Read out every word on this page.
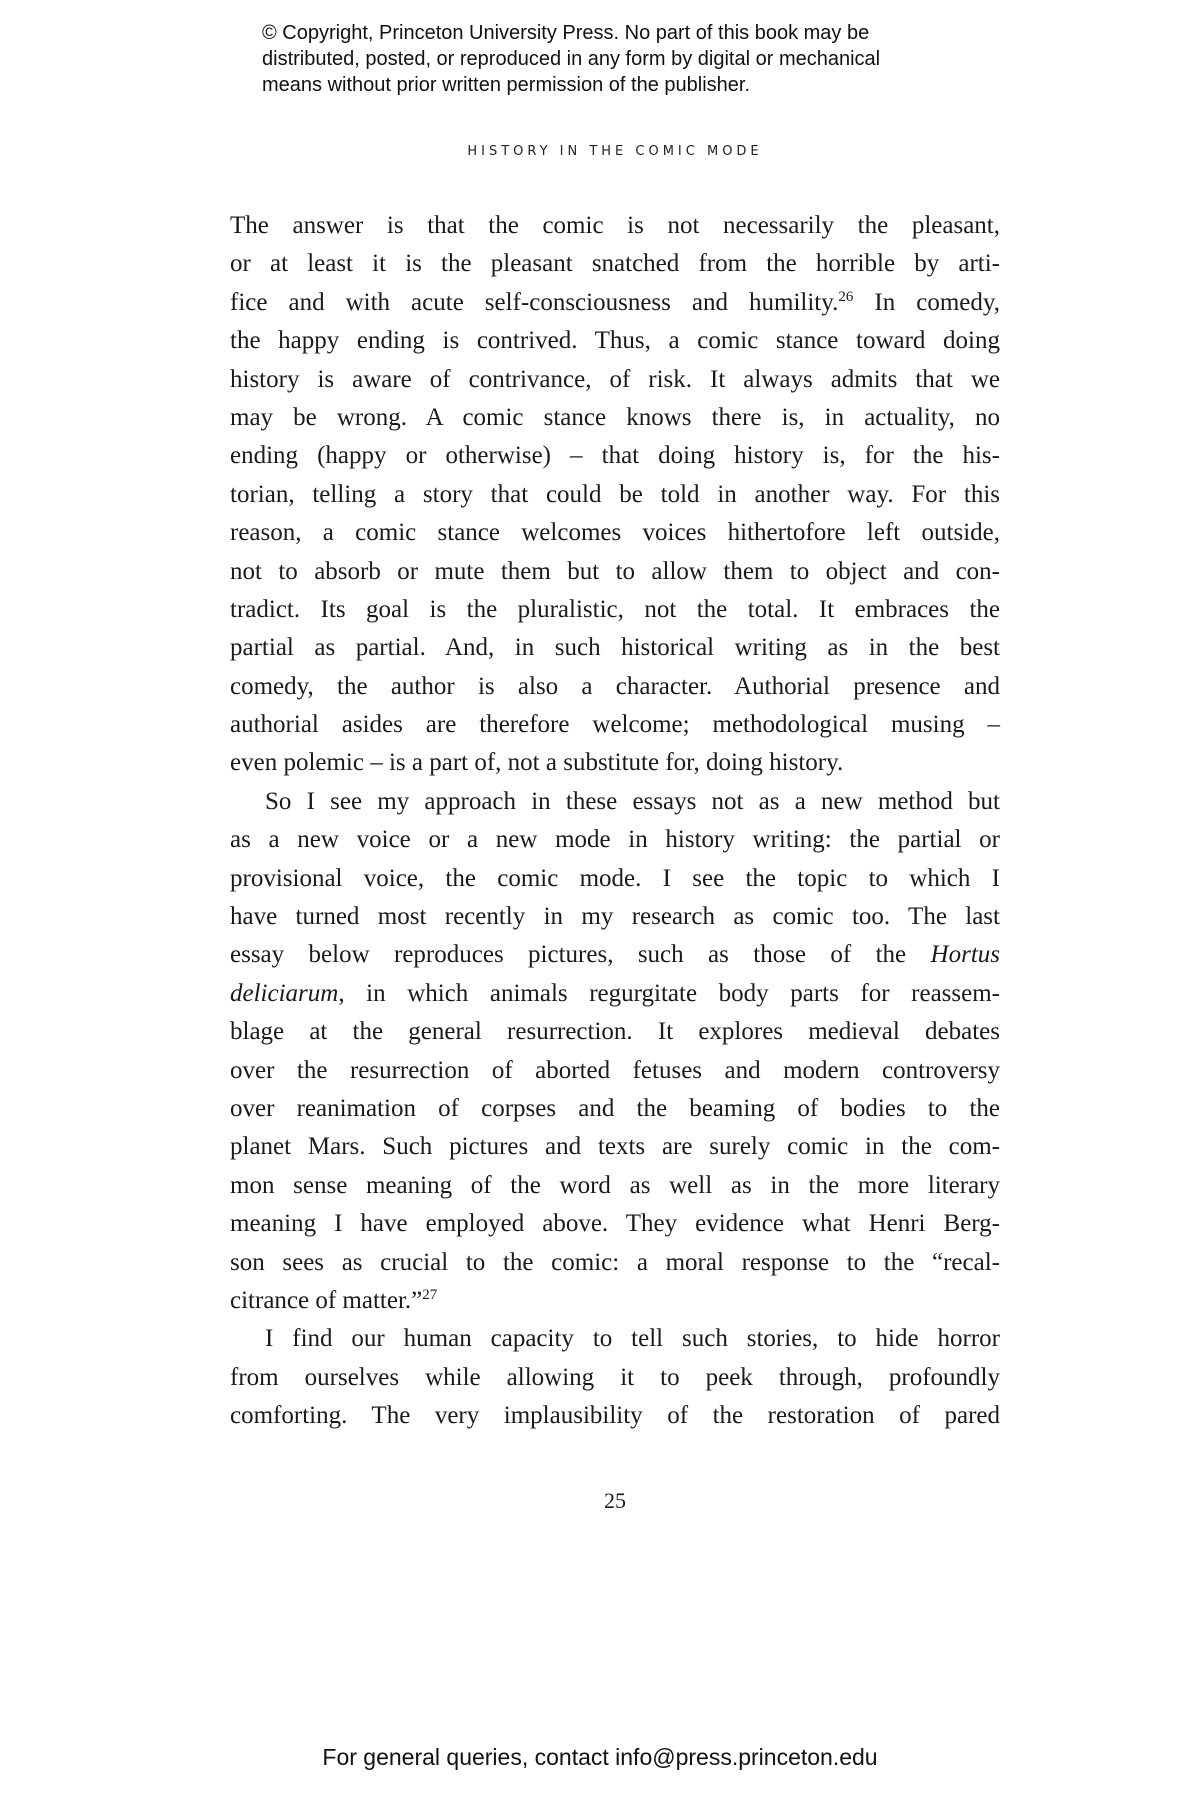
© Copyright, Princeton University Press. No part of this book may be
distributed, posted, or reproduced in any form by digital or mechanical
means without prior written permission of the publisher.
HISTORY IN THE COMIC MODE
The answer is that the comic is not necessarily the pleasant,
or at least it is the pleasant snatched from the horrible by arti-
fice and with acute self-consciousness and humility.$^{26}$ In comedy,
the happy ending is contrived. Thus, a comic stance toward doing
history is aware of contrivance, of risk. It always admits that we
may be wrong. A comic stance knows there is, in actuality, no
ending (happy or otherwise) – that doing history is, for the his-
torian, telling a story that could be told in another way. For this
reason, a comic stance welcomes voices hithertofore left outside,
not to absorb or mute them but to allow them to object and con-
tradict. Its goal is the pluralistic, not the total. It embraces the
partial as partial. And, in such historical writing as in the best
comedy, the author is also a character. Authorial presence and
authorial asides are therefore welcome; methodological musing –
even polemic – is a part of, not a substitute for, doing history.
So I see my approach in these essays not as a new method but
as a new voice or a new mode in history writing: the partial or
provisional voice, the comic mode. I see the topic to which I
have turned most recently in my research as comic too. The last
essay below reproduces pictures, such as those of the Hortus
deliciarum, in which animals regurgitate body parts for reassem-
blage at the general resurrection. It explores medieval debates
over the resurrection of aborted fetuses and modern controversy
over reanimation of corpses and the beaming of bodies to the
planet Mars. Such pictures and texts are surely comic in the com-
mon sense meaning of the word as well as in the more literary
meaning I have employed above. They evidence what Henri Berg-
son sees as crucial to the comic: a moral response to the “recal-
citrance of matter.”$^{27}$
I find our human capacity to tell such stories, to hide horror
from ourselves while allowing it to peek through, profoundly
comforting. The very implausibility of the restoration of pared
25
For general queries, contact info@press.princeton.edu
